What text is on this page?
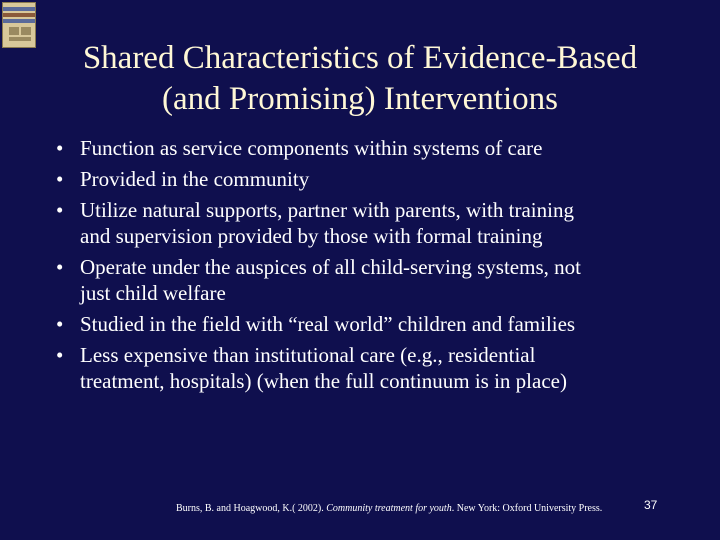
Shared Characteristics of Evidence-Based
(and Promising) Interventions
• Function as service components within systems of care
• Provided in the community
• Utilize natural supports, partner with parents, with training
and supervision provided by those with formal training
• Operate under the auspices of all child-serving systems, not
just child welfare
• Studied in the field with “real world” children and families
• Less expensive than institutional care (e.g., residential
treatment, hospitals) (when the full continuum is in place)
Burns, B. and Hoagwood, K.( 2002). Community treatment for youth. New York: Oxford University Press.	37
